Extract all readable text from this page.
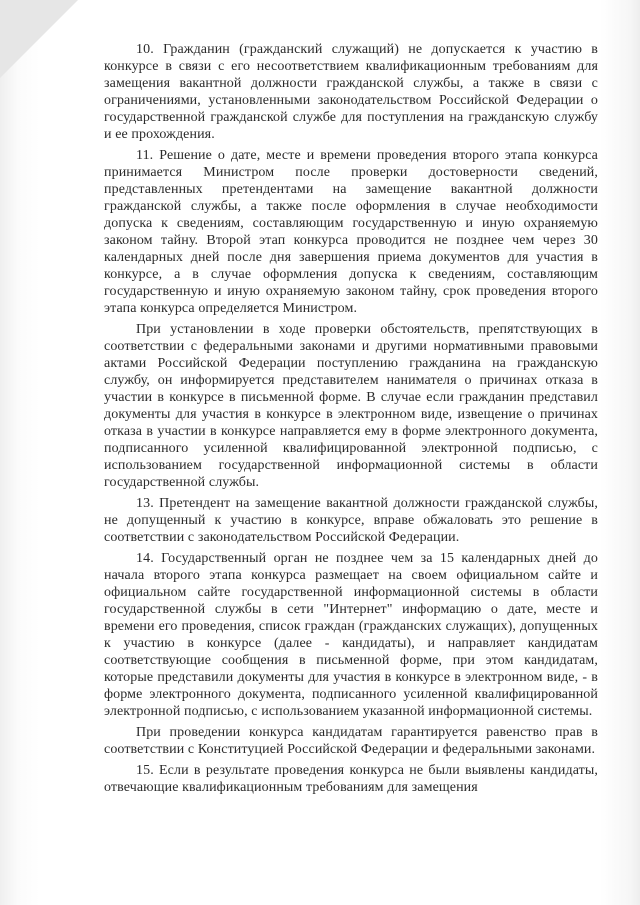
10. Гражданин (гражданский служащий) не допускается к участию в конкурсе в связи с его несоответствием квалификационным требованиям для замещения вакантной должности гражданской службы, а также в связи с ограничениями, установленными законодательством Российской Федерации о государственной гражданской службе для поступления на гражданскую службу и ее прохождения.

11. Решение о дате, месте и времени проведения второго этапа конкурса принимается Министром после проверки достоверности сведений, представленных претендентами на замещение вакантной должности гражданской службы, а также после оформления в случае необходимости допуска к сведениям, составляющим государственную и иную охраняемую законом тайну. Второй этап конкурса проводится не позднее чем через 30 календарных дней после дня завершения приема документов для участия в конкурсе, а в случае оформления допуска к сведениям, составляющим государственную и иную охраняемую законом тайну, срок проведения второго этапа конкурса определяется Министром.

При установлении в ходе проверки обстоятельств, препятствующих в соответствии с федеральными законами и другими нормативными правовыми актами Российской Федерации поступлению гражданина на гражданскую службу, он информируется представителем нанимателя о причинах отказа в участии в конкурсе в письменной форме. В случае если гражданин представил документы для участия в конкурсе в электронном виде, извещение о причинах отказа в участии в конкурсе направляется ему в форме электронного документа, подписанного усиленной квалифицированной электронной подписью, с использованием государственной информационной системы в области государственной службы.

13. Претендент на замещение вакантной должности гражданской службы, не допущенный к участию в конкурсе, вправе обжаловать это решение в соответствии с законодательством Российской Федерации.

14. Государственный орган не позднее чем за 15 календарных дней до начала второго этапа конкурса размещает на своем официальном сайте и официальном сайте государственной информационной системы в области государственной службы в сети "Интернет" информацию о дате, месте и времени его проведения, список граждан (гражданских служащих), допущенных к участию в конкурсе (далее - кандидаты), и направляет кандидатам соответствующие сообщения в письменной форме, при этом кандидатам, которые представили документы для участия в конкурсе в электронном виде, - в форме электронного документа, подписанного усиленной квалифицированной электронной подписью, с использованием указанной информационной системы.

При проведении конкурса кандидатам гарантируется равенство прав в соответствии с Конституцией Российской Федерации и федеральными законами.

15. Если в результате проведения конкурса не были выявлены кандидаты, отвечающие квалификационным требованиям для замещения
